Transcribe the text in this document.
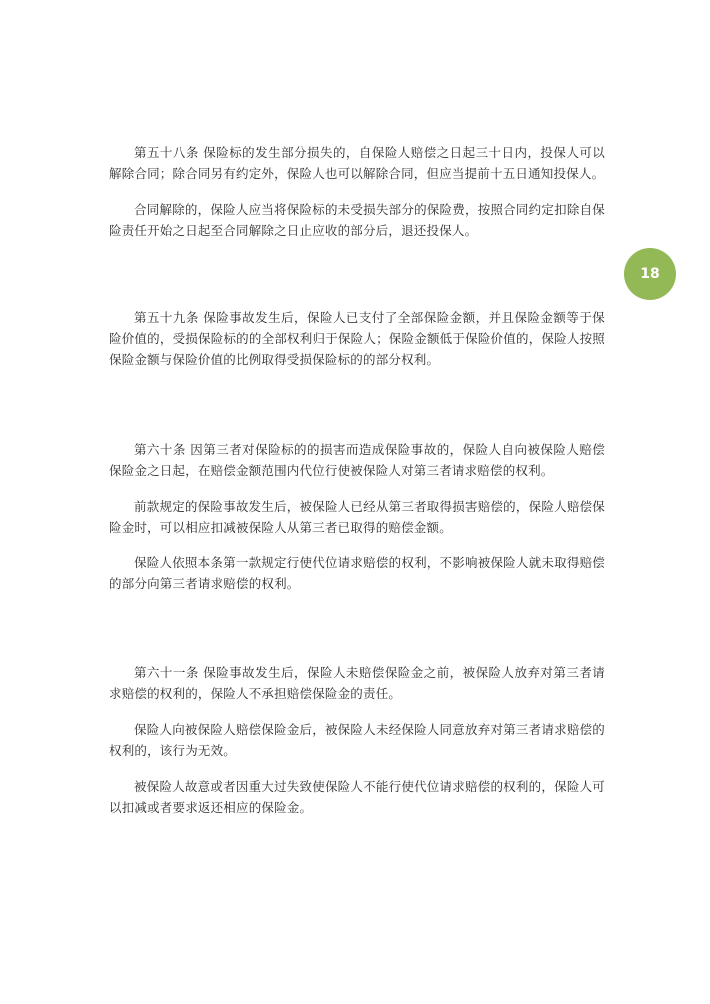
18

第五十八条 保险标的发生部分损失的，自保险人赔偿之日起三十日内，投保人可以解除合同；除合同另有约定外，保险人也可以解除合同，但应当提前十五日通知投保人。

合同解除的，保险人应当将保险标的未受损失部分的保险费，按照合同约定扣除自保险责任开始之日起至合同解除之日止应收的部分后，退还投保人。

第五十九条 保险事故发生后，保险人已支付了全部保险金额，并且保险金额等于保险价值的，受损保险标的的全部权利归于保险人；保险金额低于保险价值的，保险人按照保险金额与保险价值的比例取得受损保险标的的部分权利。

第六十条 因第三者对保险标的的损害而造成保险事故的，保险人自向被保险人赔偿保险金之日起，在赔偿金额范围内代位行使被保险人对第三者请求赔偿的权利。

前款规定的保险事故发生后，被保险人已经从第三者取得损害赔偿的，保险人赔偿保险金时，可以相应扣减被保险人从第三者已取得的赔偿金额。

保险人依照本条第一款规定行使代位请求赔偿的权利，不影响被保险人就未取得赔偿的部分向第三者请求赔偿的权利。

第六十一条 保险事故发生后，保险人未赔偿保险金之前，被保险人放弃对第三者请求赔偿的权利的，保险人不承担赔偿保险金的责任。

保险人向被保险人赔偿保险金后，被保险人未经保险人同意放弃对第三者请求赔偿的权利的，该行为无效。

被保险人故意或者因重大过失致使保险人不能行使代位请求赔偿的权利的，保险人可以扣减或者要求返还相应的保险金。
